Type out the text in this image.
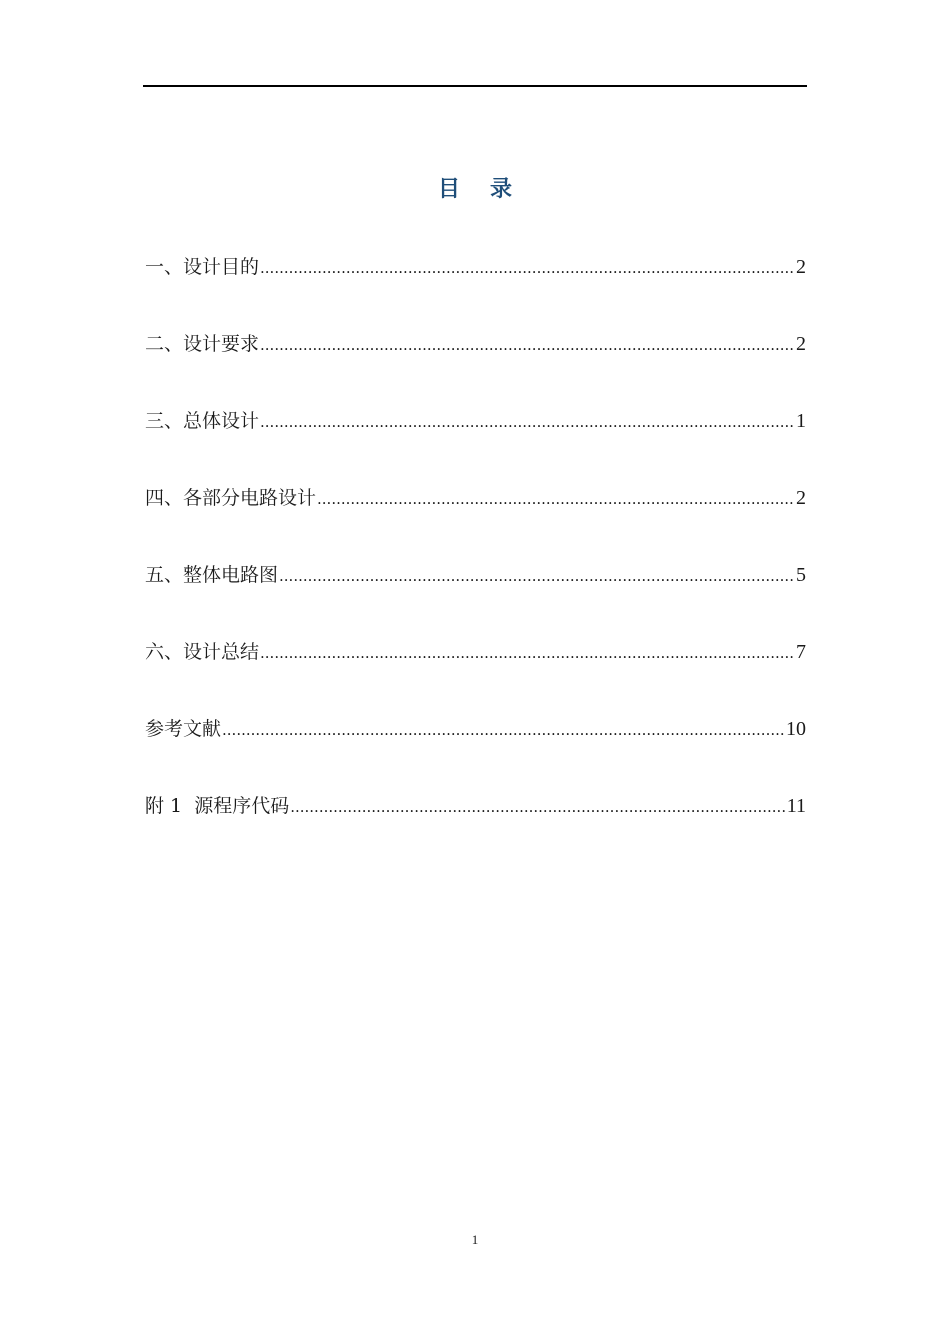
目录
一、设计目的 .....	2
二、设计要求 .....	2
三、总体设计 .....	1
四、各部分电路设计 .....	2
五、整体电路图 .....	5
六、设计总结 .....	7
参考文献 .....	10
附 1  源程序代码 .....	11
1
